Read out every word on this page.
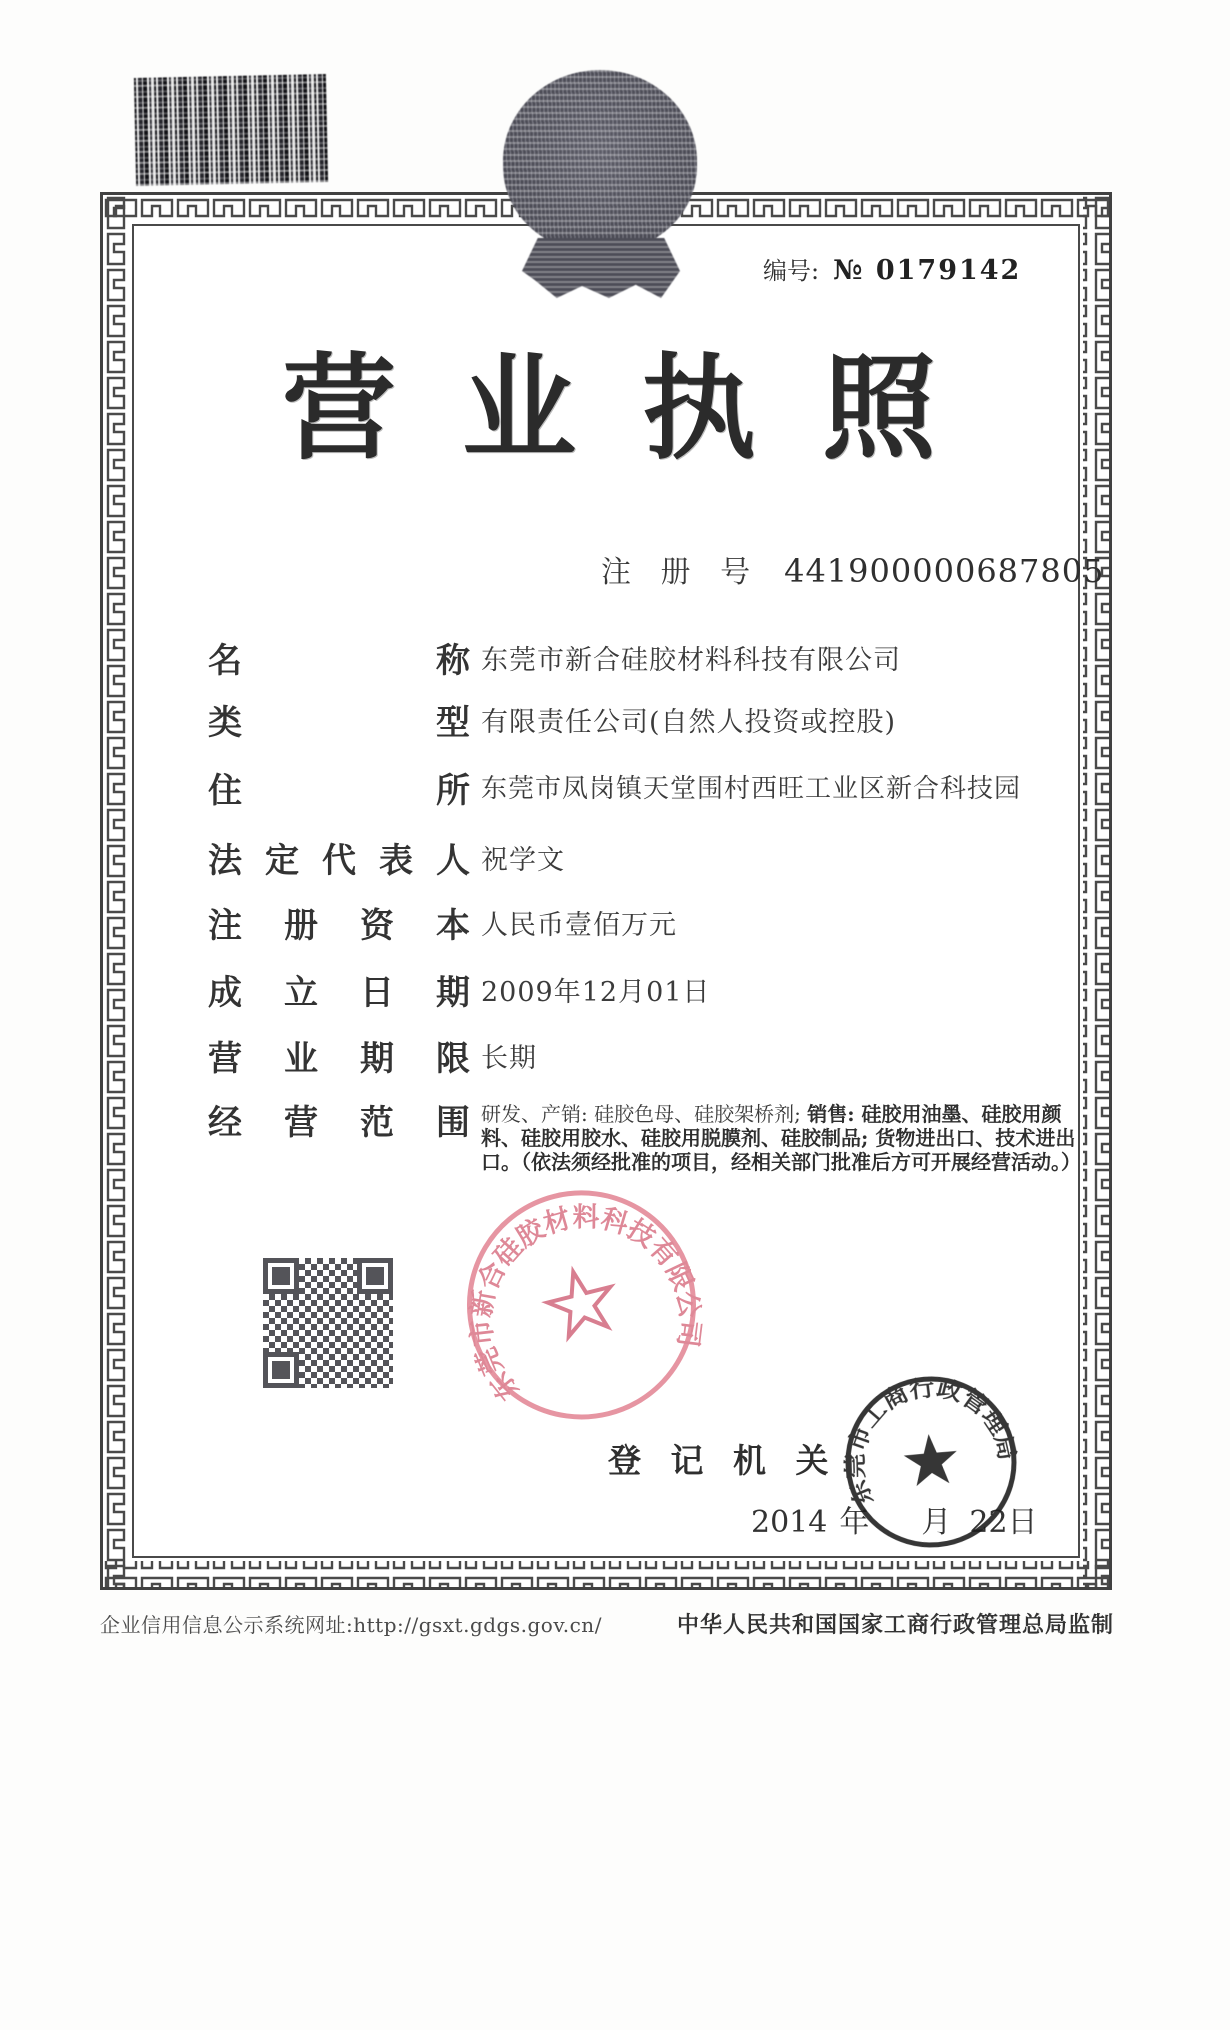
编号: № 0179142
营业执照
注 册 号 441900000687805
名	称 东莞市新合硅胶材料科技有限公司
类	型 有限责任公司(自然人投资或控股)
住	所 东莞市凤岗镇天堂围村西旺工业区新合科技园
法 定 代 表 人 祝学文
注 册 资 本 人民币壹佰万元
成 立 日 期 2009年12月01日
营 业 期 限 长期
经 营 范 围 研发、产销: 硅胶色母、硅胶架桥剂; 销售: 硅胶用油墨、硅胶用颜料、硅胶用胶水、硅胶用脱膜剂、硅胶制品; 货物进出口、技术进出口。（依法须经批准的项目，经相关部门批准后方可开展经营活动。）
东莞市新合硅胶材料科技有限公司
登 记 机 关
2014 年 月 22日
东莞市工商行政管理局
企业信用信息公示系统网址:http://gsxt.gdgs.gov.cn/	中华人民共和国国家工商行政管理总局监制
